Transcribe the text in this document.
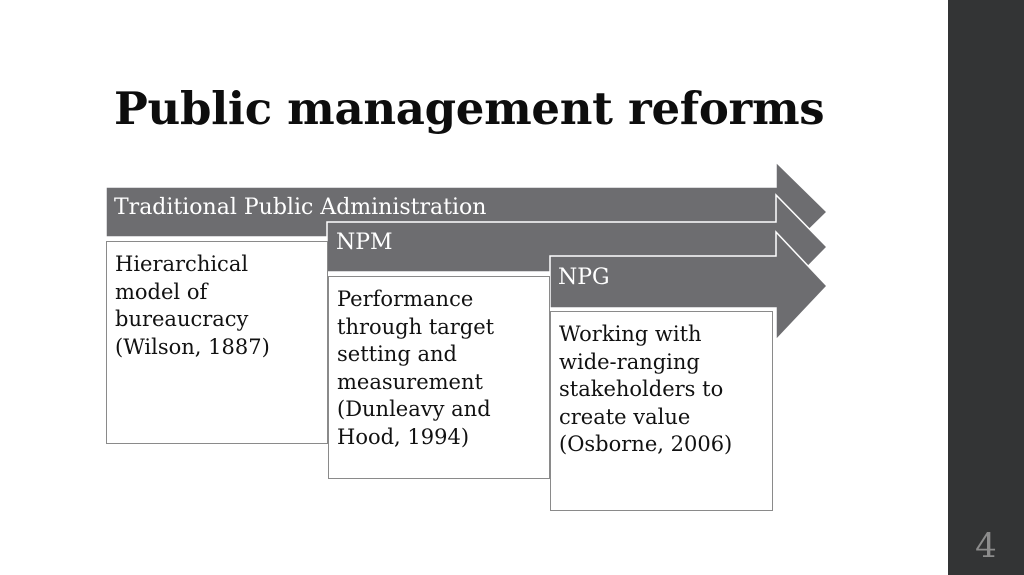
4
Public management reforms
Traditional Public Administration
NPM
NPG
Hierarchical
model of
bureaucracy
(Wilson, 1887)
Performance
through target
setting and
measurement
(Dunleavy and
Hood, 1994)
Working with
wide-ranging
stakeholders to
create value
(Osborne, 2006)
